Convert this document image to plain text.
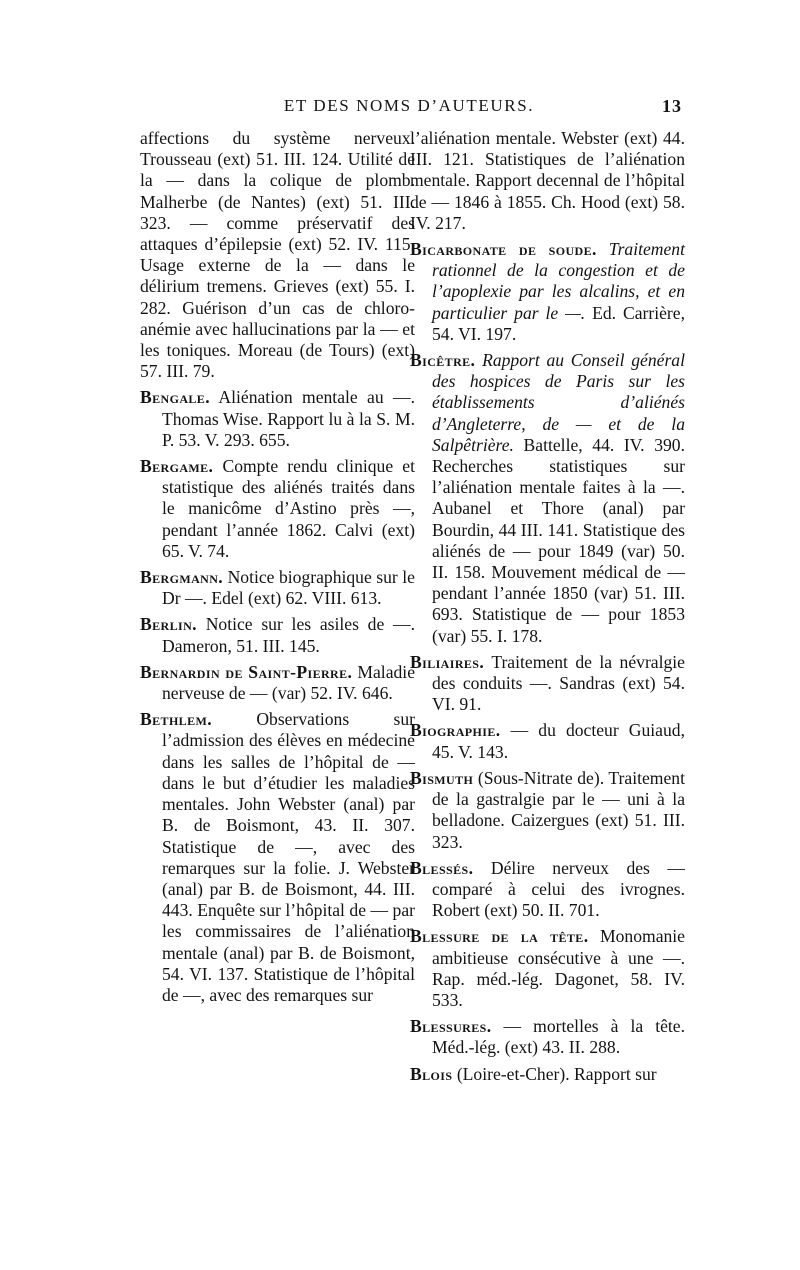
ET DES NOMS D’AUTEURS.	13

affections du système nerveux. Trousseau (ext) 51. III. 124. Utilité de la — dans la colique de plomb. Malherbe (de Nantes) (ext) 51. III. 323. — comme préservatif des attaques d’épilepsie (ext) 52. IV. 115. Usage externe de la — dans le délirium tremens. Grieves (ext) 55. I. 282. Guérison d’un cas de chloro-anémie avec hallucinations par la — et les toniques. Moreau (de Tours) (ext) 57. III. 79.

Bengale. Aliénation mentale au —. Thomas Wise. Rapport lu à la S. M. P. 53. V. 293. 655.

Bergame. Compte rendu clinique et statistique des aliénés traités dans le manicôme d’Astino près —, pendant l’année 1862. Calvi (ext) 65. V. 74.

Bergmann. Notice biographique sur le Dr —. Edel (ext) 62. VIII. 613.

Berlin. Notice sur les asiles de —. Dameron, 51. III. 145.

Bernardin de Saint-Pierre. Maladie nerveuse de — (var) 52. IV. 646.

Bethlem.	Observations sur l’admission des élèves en médecine dans les salles de l’hôpital de — dans le but d’étudier les maladies mentales. John Webster (anal) par B. de Boismont, 43. II. 307. Statistique de —, avec des remarques sur la folie. J. Webster (anal) par B. de Boismont, 44. III. 443. Enquête sur l’hôpital de — par les commissaires de l’aliénation mentale (anal) par B. de Boismont, 54. VI. 137. Statistique de l’hôpital de —, avec des remarques sur

l’aliénation mentale. Webster (ext) 44. III. 121. Statistiques de l’aliénation mentale. Rapport decennal de l’hôpital de — 1846 à 1855. Ch. Hood (ext) 58. IV. 217.

Bicarbonate de soude. Traitement rationnel de la congestion et de l’apoplexie par les alcalins, et en particulier par le —. Ed. Carrière, 54. VI. 197.

Bicêtre. Rapport au Conseil général des hospices de Paris sur les établissements d’aliénés d’Angleterre, de — et de la Salpêtrière. Battelle, 44. IV. 390. Recherches statistiques sur l’aliénation mentale faites à la —. Aubanel et Thore (anal) par Bourdin, 44 III. 141. Statistique des aliénés de — pour 1849 (var) 50. II. 158. Mouvement médical de — pendant l’année 1850 (var) 51. III. 693. Statistique de — pour 1853 (var) 55. I. 178.

Biliaires. Traitement de la névralgie des conduits —. Sandras (ext) 54. VI. 91.

Biographie. — du docteur Guiaud, 45. V. 143.

Bismuth (Sous-Nitrate de). Traitement de la gastralgie par le — uni à la belladone. Caizergues (ext) 51. III. 323.

Blessés. Délire nerveux des — comparé à celui des ivrognes. Robert (ext) 50. II. 701.

Blessure de la tête. Monomanie ambitieuse consécutive à une —. Rap. méd.-lég. Dagonet, 58. IV. 533.

Blessures. — mortelles à la tête. Méd.-lég. (ext) 43. II. 288.

Blois (Loire-et-Cher). Rapport sur
